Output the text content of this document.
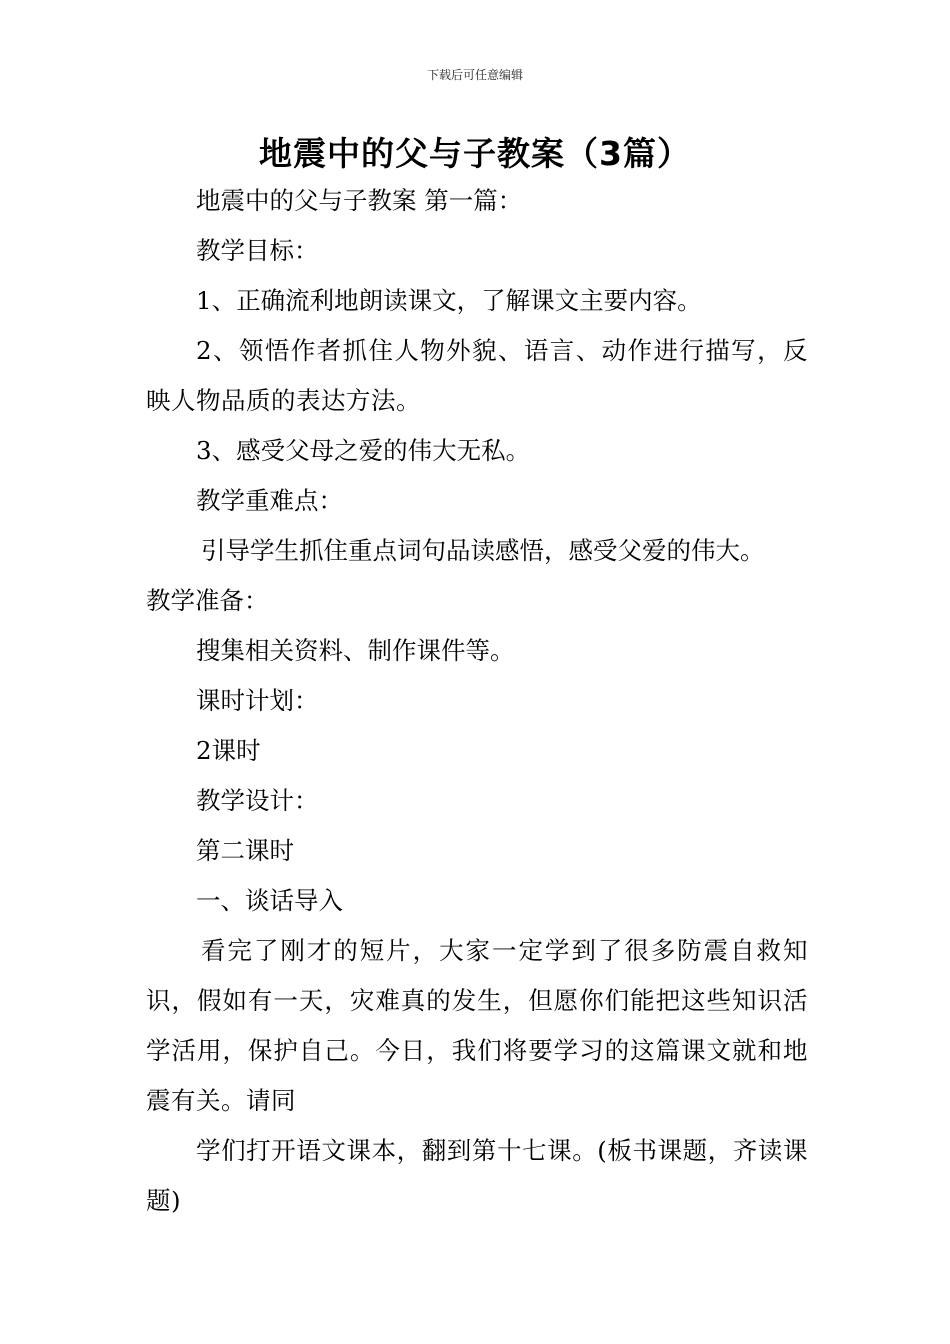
下载后可任意编辑
地震中的父与子教案（3篇）

地震中的父与子教案 第一篇：

教学目标：

1、正确流利地朗读课文，了解课文主要内容。

2、领悟作者抓住人物外貌、语言、动作进行描写，反映人物品质的表达方法。

3、感受父母之爱的伟大无私。

教学重难点：

引导学生抓住重点词句品读感悟，感受父爱的伟大。

教学准备：

搜集相关资料、制作课件等。

课时计划：

2课时

教学设计：

第二课时

一、谈话导入

看完了刚才的短片，大家一定学到了很多防震自救知识，假如有一天，灾难真的发生，但愿你们能把这些知识活学活用，保护自己。今日，我们将要学习的这篇课文就和地震有关。请同

学们打开语文课本，翻到第十七课。(板书课题，齐读课题)
